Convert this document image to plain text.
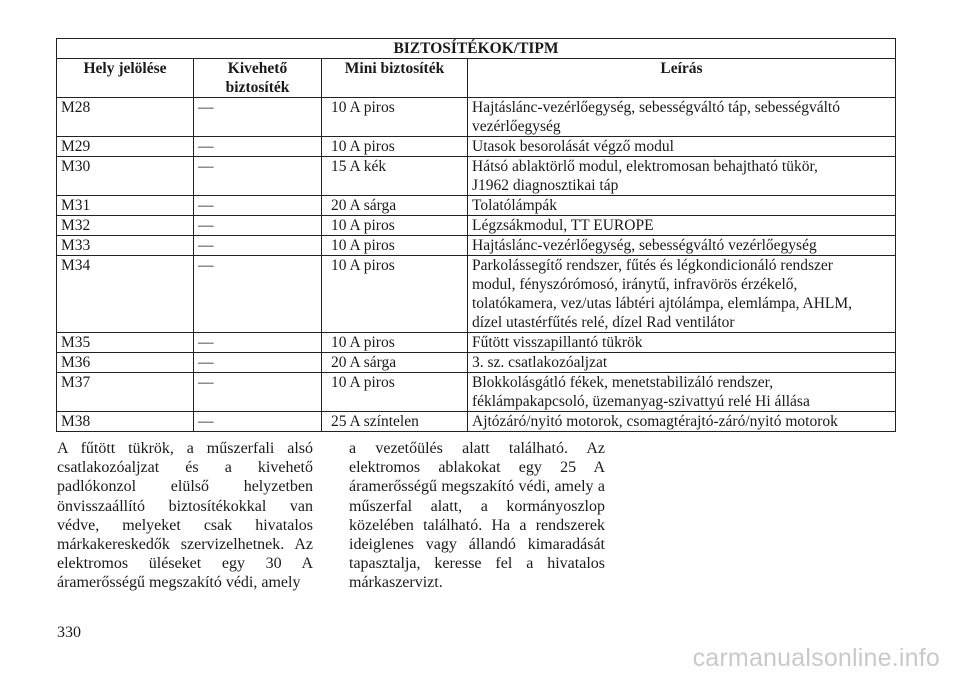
BIZTOSÍTÉKOK/TIPM			
Hely jelölése	Kivehető biztosíték	Mini biztosíték	Leírás
M28	—	10 A piros	Hajtáslánc-vezérlőegység, sebességváltó táp, sebességváltó
vezérlőegység

M29	—	10 A piros	Utasok besorolását végző modul

M30	—	15 A kék	Hátsó ablaktörlő modul, elektromosan behajtható tükör,
J1962 diagnosztikai táp

M31	—	20 A sárga	Tolatólámpák

M32	—	10 A piros	Légzsákmodul, TT EUROPE

M33	—	10 A piros	Hajtáslánc-vezérlőegység, sebességváltó vezérlőegység

M34	—	10 A piros	Parkolássegítő rendszer, fűtés és légkondicionáló rendszer
modul, fényszórómosó, iránytű, infravörös érzékelő,
tolatókamera, vez/utas lábtéri ajtólámpa, elemlámpa, AHLM,
dízel utastérfűtés relé, dízel Rad ventilátor

M35	—	10 A piros	Fűtött visszapillantó tükrök

M36	—	20 A sárga	3. sz. csatlakozóaljzat

M37	—	10 A piros	Blokkolásgátló fékek, menetstabilizáló rendszer,
féklámpakapcsoló, üzemanyag-szivattyú relé Hi állása

M38	—	25 A színtelen	Ajtózáró/nyitó motorok, csomagtérajtó-záró/nyitó motorok

A fűtött tükrök, a műszerfali alsó csatlakozóaljzat és a kivehető padlókonzol elülső helyzetben önvisszaállító biztosítékokkal van védve, melyeket csak hivatalos márkakereskedők szervizelhetnek. Az elektromos üléseket egy 30 A áramerősségű megszakító védi, amely

a vezetőülés alatt található. Az elektromos ablakokat egy 25 A áramerősségű megszakító védi, amely a műszerfal alatt, a kormányoszlop közelében található. Ha a rendszerek ideiglenes vagy állandó kimaradását tapasztalja, keresse fel a hivatalos márkaszervizt.

330
carmanualsonline.info
